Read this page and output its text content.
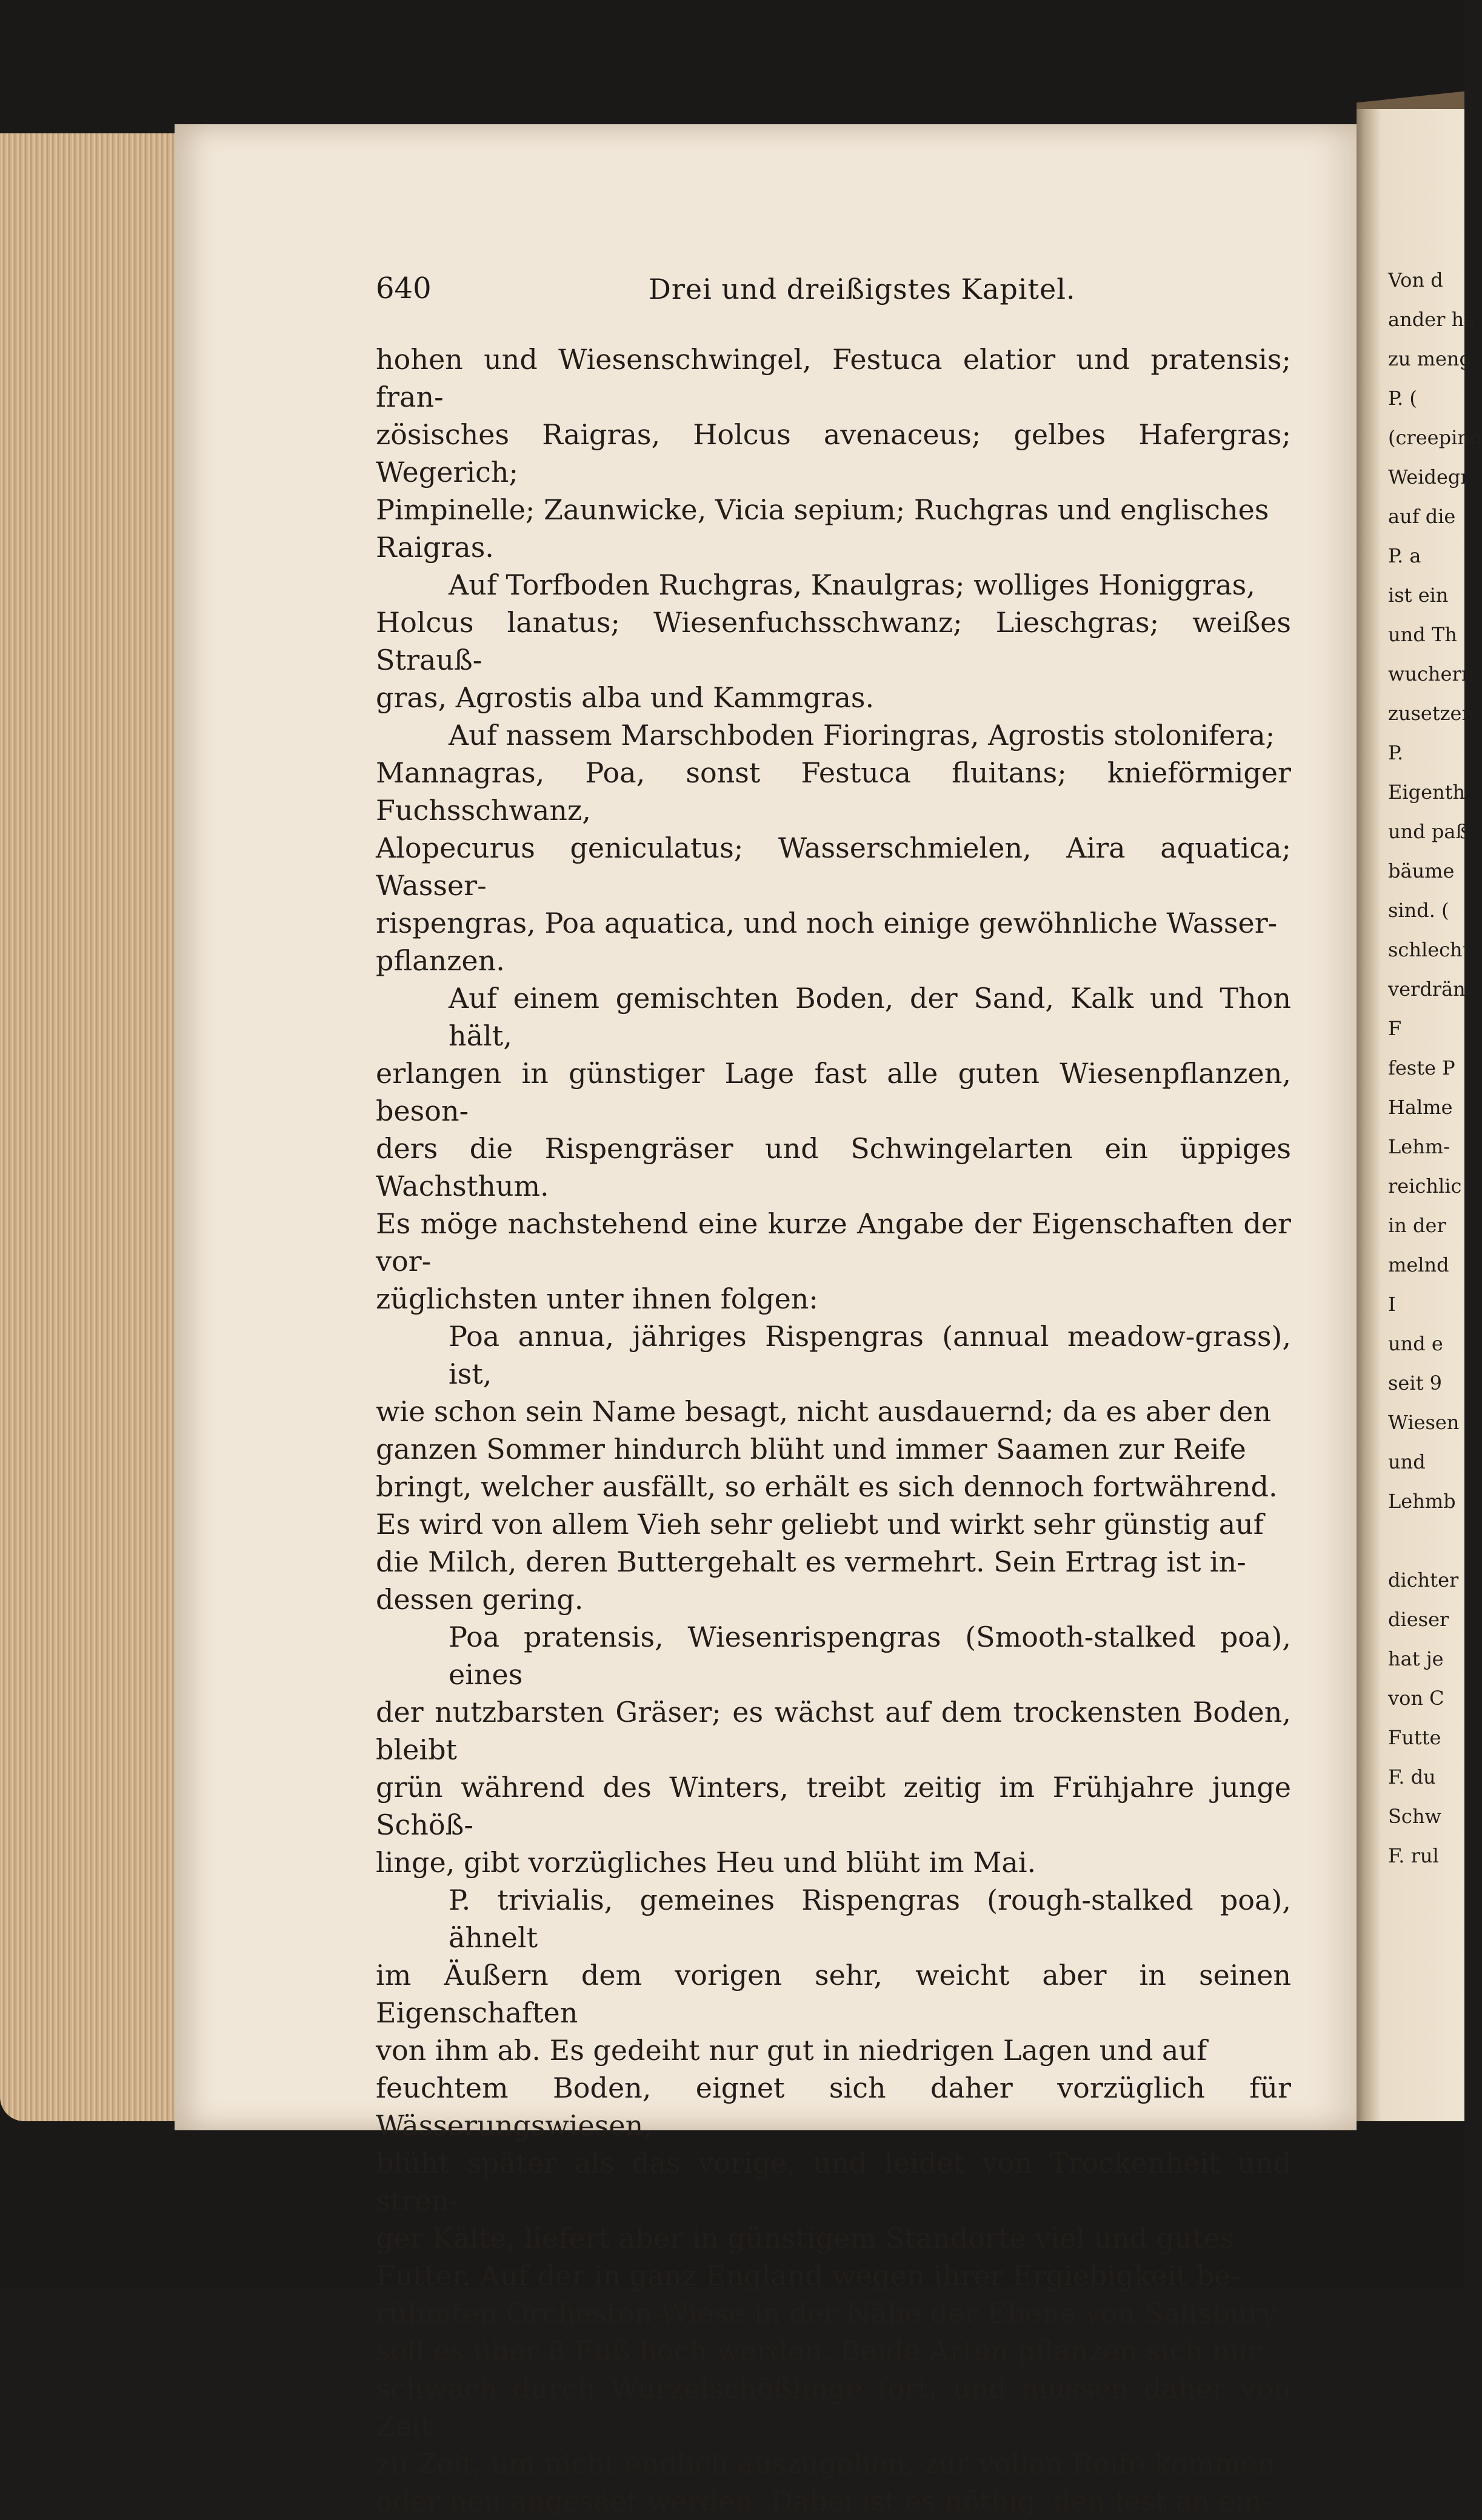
640	Drei und dreißigstes Kapitel.
hohen und Wiesenschwingel, Festuca elatior und pratensis; fran-
zösisches Raigras, Holcus avenaceus; gelbes Hafergras; Wegerich;
Pimpinelle; Zaunwicke, Vicia sepium; Ruchgras und englisches
Raigras.
Auf Torfboden Ruchgras, Knaulgras; wolliges Honiggras,
Holcus lanatus; Wiesenfuchsschwanz; Lieschgras; weißes Strauß-
gras, Agrostis alba und Kammgras.
Auf nassem Marschboden Fioringras, Agrostis stolonifera;
Mannagras, Poa, sonst Festuca fluitans; knieförmiger Fuchsschwanz,
Alopecurus geniculatus; Wasserschmielen, Aira aquatica; Wasser-
rispengras, Poa aquatica, und noch einige gewöhnliche Wasser-
pflanzen.
Auf einem gemischten Boden, der Sand, Kalk und Thon hält,
erlangen in günstiger Lage fast alle guten Wiesenpflanzen, beson-
ders die Rispengräser und Schwingelarten ein üppiges Wachsthum.
Es möge nachstehend eine kurze Angabe der Eigenschaften der vor-
züglichsten unter ihnen folgen:
Poa annua, jähriges Rispengras (annual meadow-grass), ist,
wie schon sein Name besagt, nicht ausdauernd; da es aber den
ganzen Sommer hindurch blüht und immer Saamen zur Reife
bringt, welcher ausfällt, so erhält es sich dennoch fortwährend.
Es wird von allem Vieh sehr geliebt und wirkt sehr günstig auf
die Milch, deren Buttergehalt es vermehrt. Sein Ertrag ist in-
dessen gering.
Poa pratensis, Wiesenrispengras (Smooth-stalked poa), eines
der nutzbarsten Gräser; es wächst auf dem trockensten Boden, bleibt
grün während des Winters, treibt zeitig im Frühjahre junge Schöß-
linge, gibt vorzügliches Heu und blüht im Mai.
P. trivialis, gemeines Rispengras (rough-stalked poa), ähnelt
im Äußern dem vorigen sehr, weicht aber in seinen Eigenschaften
von ihm ab. Es gedeiht nur gut in niedrigen Lagen und auf
feuchtem Boden, eignet sich daher vorzüglich für Wässerungswiesen,
blüht später als das vorige, und leidet von Trockenheit und stren-
ger Kälte, liefert aber in günstigem Standorte viel und gutes
Futter. Auf der in ganz England wegen ihrer Ergiebigkeit be-
rühmten Orcheston-Wiese in der Nähe der Ebene von Salisbury
soll es über 8 Fuß hoch werden. Beide Arten pflanzen sich nur
schwach durch Wurzelschößlinge fort, und müssen daher von Zeit
zu Zeit, um nicht endlich auszugehen, zur vollen Reife kommen
oder neu angesäet werden. Dabei ist es nöthig, den fest an ein-
Von d
ander hä
zu meng
P. (
(creeping
Weidegr
auf die
P. a
ist ein
und Th
wuchern
zusetzen
P.
Eigenth
und paß
bäume
sind. (
schlecht
verdrän
F
feste P
Halme
Lehm-
reichlic
in der
melnd
I
und e
seit 9
Wiesen
und
Lehmb
dichter
dieser
hat je
von C
Futte
F. du
Schw
F. rul
